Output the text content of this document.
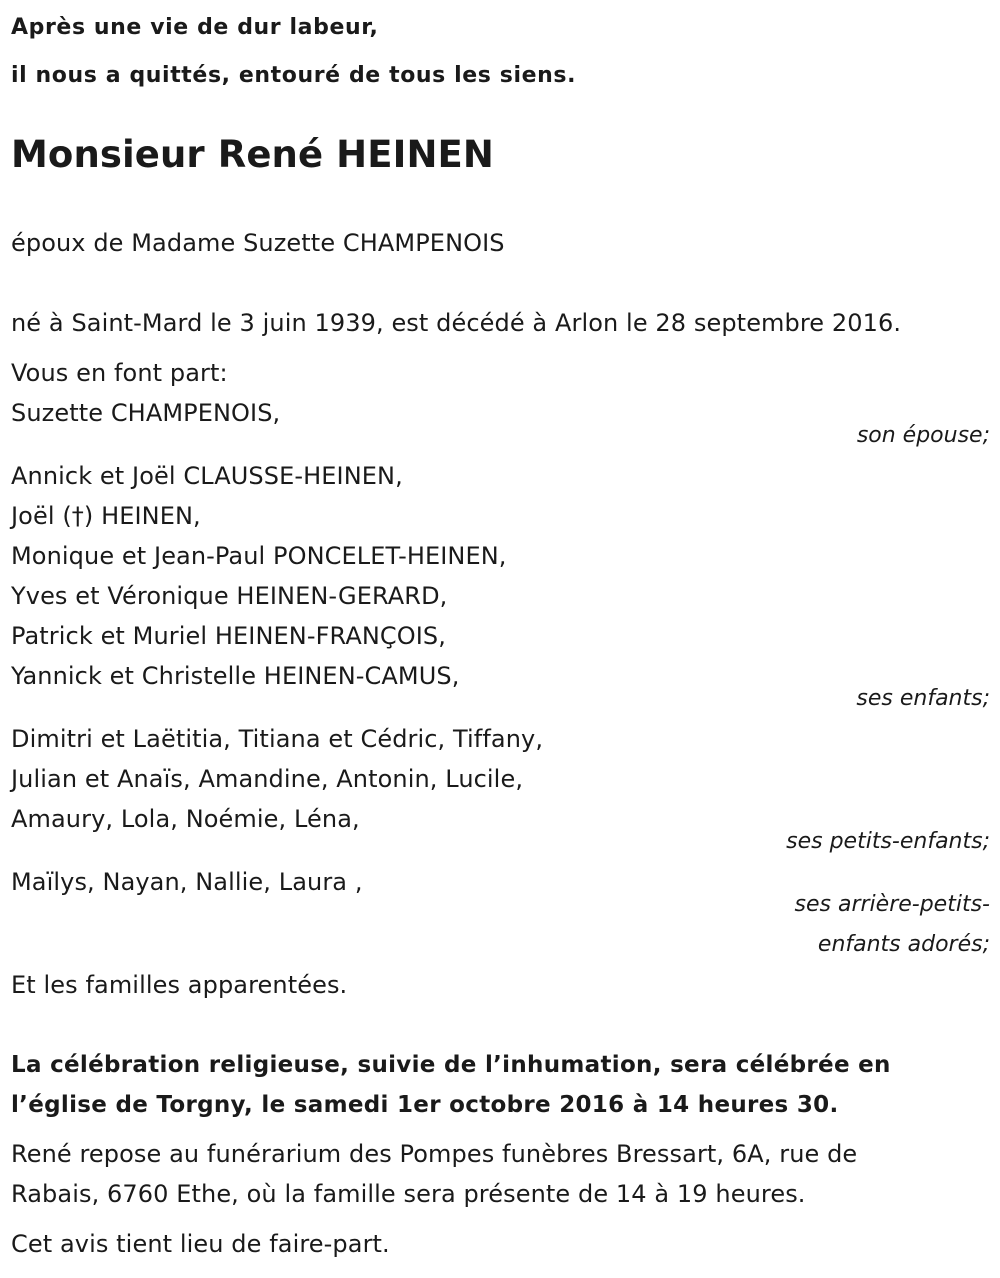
Après une vie de dur labeur,
il nous a quittés, entouré de tous les siens.
Monsieur René HEINEN
époux de Madame Suzette CHAMPENOIS
né à Saint-Mard le 3 juin 1939, est décédé à Arlon le 28 septembre 2016.
Vous en font part:
Suzette CHAMPENOIS,
son épouse;
Annick et Joël CLAUSSE-HEINEN,
Joël (†) HEINEN,
Monique et Jean-Paul PONCELET-HEINEN,
Yves et Véronique HEINEN-GERARD,
Patrick et Muriel HEINEN-FRANÇOIS,
Yannick et Christelle HEINEN-CAMUS,
ses enfants;
Dimitri et Laëtitia, Titiana et Cédric, Tiffany,
Julian et Anaïs, Amandine, Antonin, Lucile,
Amaury, Lola, Noémie, Léna,
ses petits-enfants;
Maïlys, Nayan, Nallie, Laura ,
ses arrière-petits-
enfants adorés;
Et les familles apparentées.
La célébration religieuse, suivie de l’inhumation, sera célébrée en
l’église de Torgny, le samedi 1er octobre 2016 à 14 heures 30.
René repose au funérarium des Pompes funèbres Bressart, 6A, rue de
Rabais, 6760 Ethe, où la famille sera présente de 14 à 19 heures.
Cet avis tient lieu de faire-part.
